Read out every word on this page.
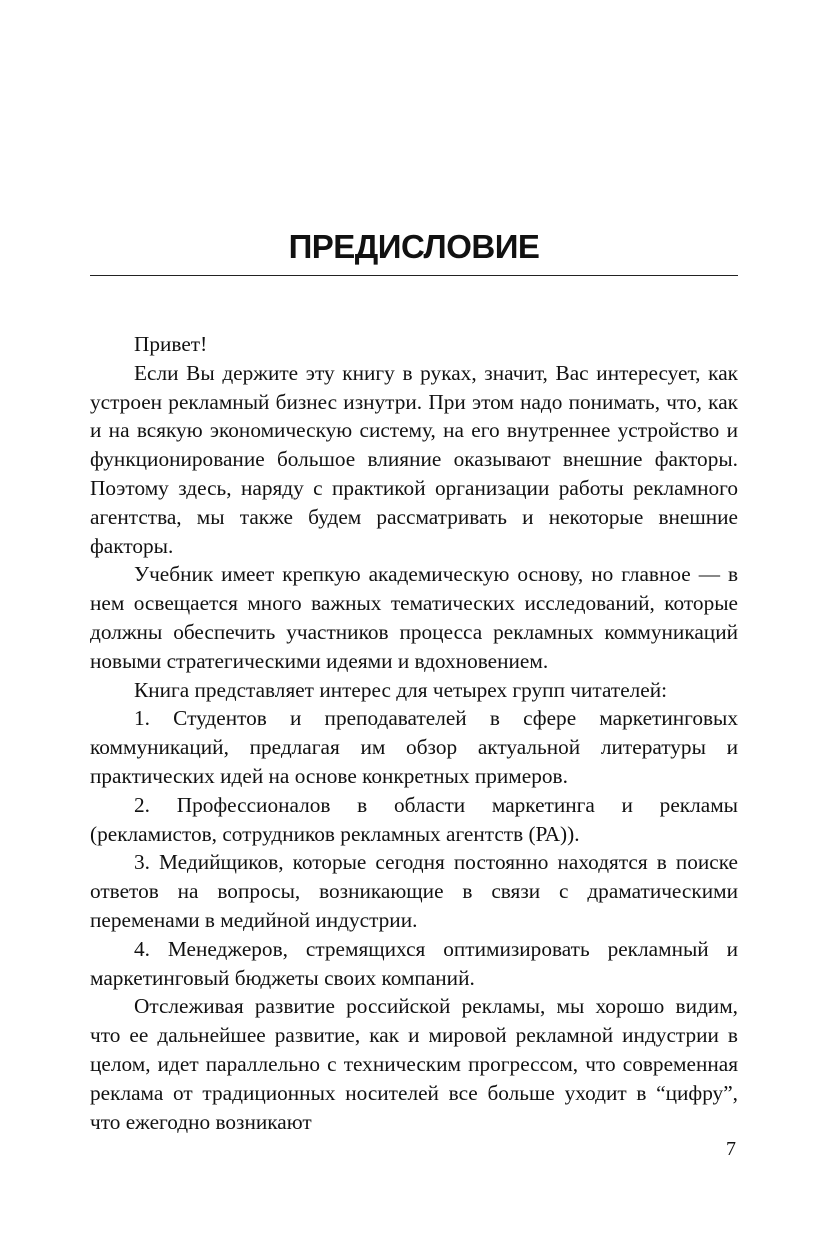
ПРЕДИСЛОВИЕ

Привет!

Если Вы держите эту книгу в руках, значит, Вас интересует, как устроен рекламный бизнес изнутри. При этом надо понимать, что, как и на всякую экономическую систему, на его внутреннее устройство и функционирование большое влияние оказывают внешние факторы. Поэтому здесь, наряду с практикой организации работы рекламного агентства, мы также будем рассматривать и некоторые внешние факторы.

Учебник имеет крепкую академическую основу, но главное — в нем освещается много важных тематических исследований, которые должны обеспечить участников процесса рекламных коммуникаций новыми стратегическими идеями и вдохновением.

Книга представляет интерес для четырех групп читателей:

1. Студентов и преподавателей в сфере маркетинговых коммуникаций, предлагая им обзор актуальной литературы и практических идей на основе конкретных примеров.

2. Профессионалов в области маркетинга и рекламы (рекламистов, сотрудников рекламных агентств (РА)).

3. Медийщиков, которые сегодня постоянно находятся в поиске ответов на вопросы, возникающие в связи с драматическими переменами в медийной индустрии.

4. Менеджеров, стремящихся оптимизировать рекламный и маркетинговый бюджеты своих компаний.

Отслеживая развитие российской рекламы, мы хорошо видим, что ее дальнейшее развитие, как и мировой рекламной индустрии в целом, идет параллельно с техническим прогрессом, что современная реклама от традиционных носителей все больше уходит в “цифру”, что ежегодно возникают

7
